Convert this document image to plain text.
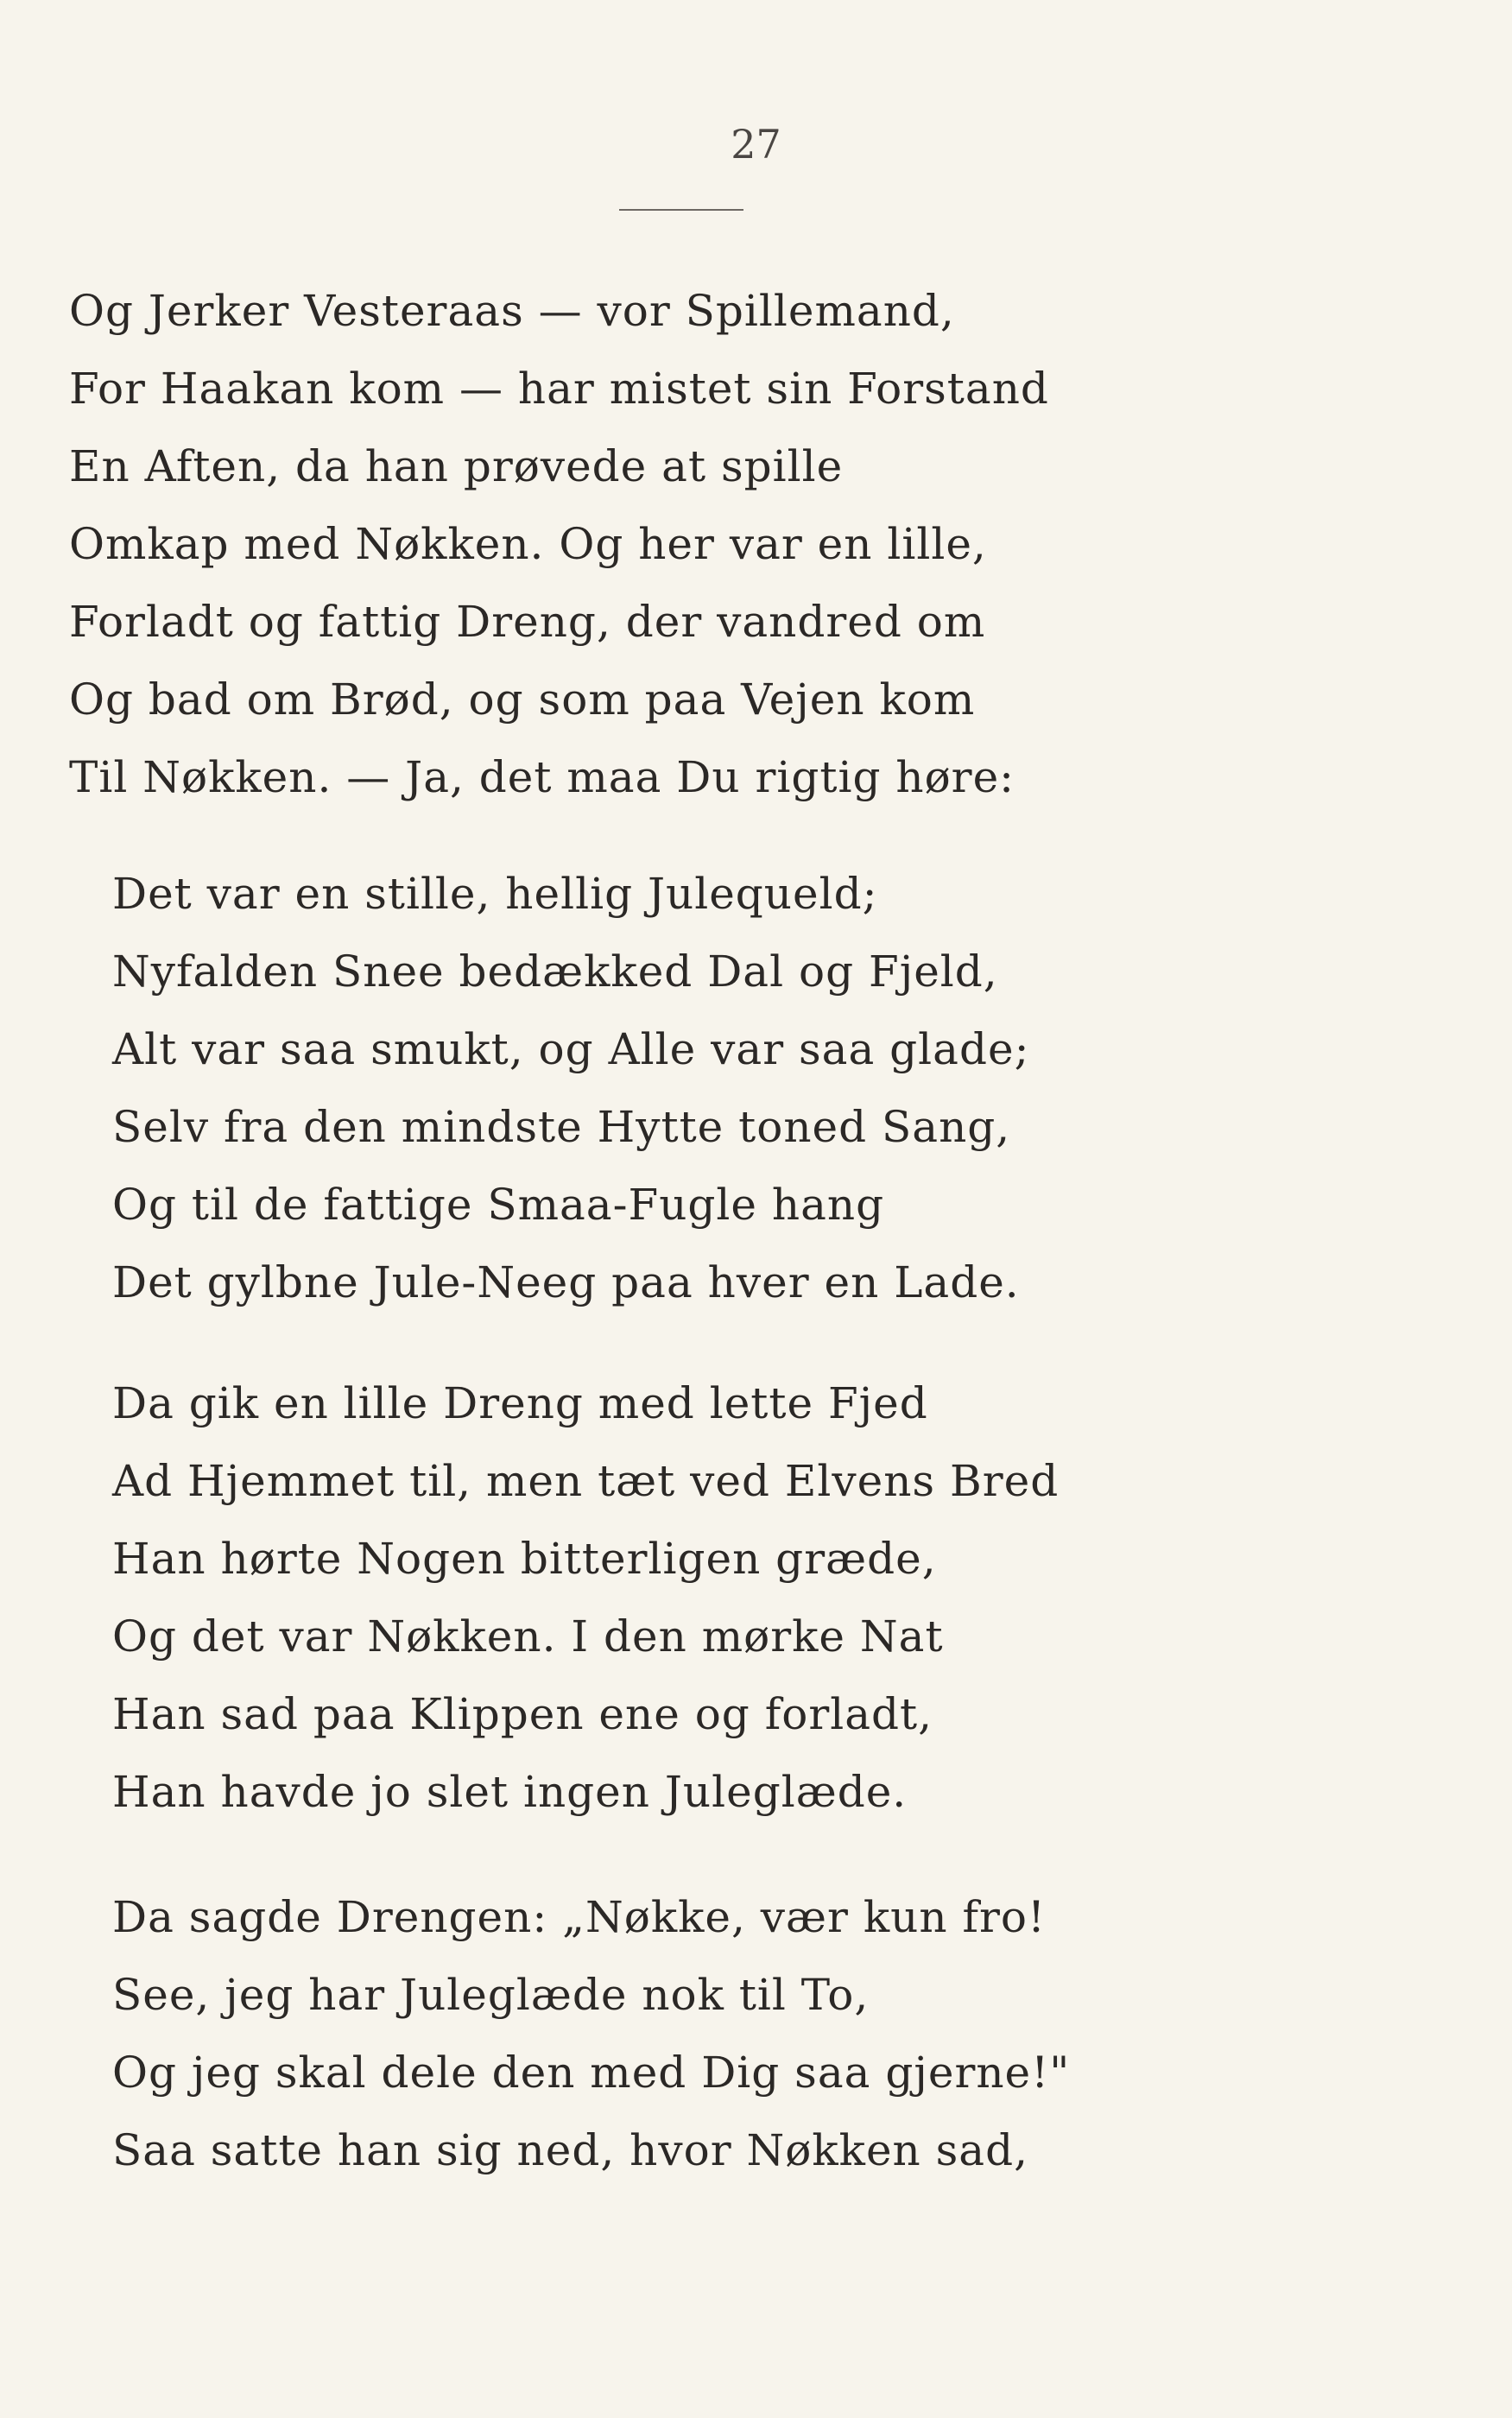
27
Og Jerker Vesteraas — vor Spillemand,
For Haakan kom — har mistet sin Forstand
En Aften, da han prøvede at spille
Omkap med Nøkken. Og her var en lille,
Forladt og fattig Dreng, der vandred om
Og bad om Brød, og som paa Vejen kom
Til Nøkken. — Ja, det maa Du rigtig høre:
Det var en stille, hellig Julequeld;
Nyfalden Snee bedækked Dal og Fjeld,
Alt var saa smukt, og Alle var saa glade;
Selv fra den mindste Hytte toned Sang,
Og til de fattige Smaa-Fugle hang
Det gylbne Jule-Neeg paa hver en Lade.
Da gik en lille Dreng med lette Fjed
Ad Hjemmet til, men tæt ved Elvens Bred
Han hørte Nogen bitterligen græde,
Og det var Nøkken. I den mørke Nat
Han sad paa Klippen ene og forladt,
Han havde jo slet ingen Juleglæde.
Da sagde Drengen: „Nøkke, vær kun fro!
See, jeg har Juleglæde nok til To,
Og jeg skal dele den med Dig saa gjerne!"
Saa satte han sig ned, hvor Nøkken sad,
